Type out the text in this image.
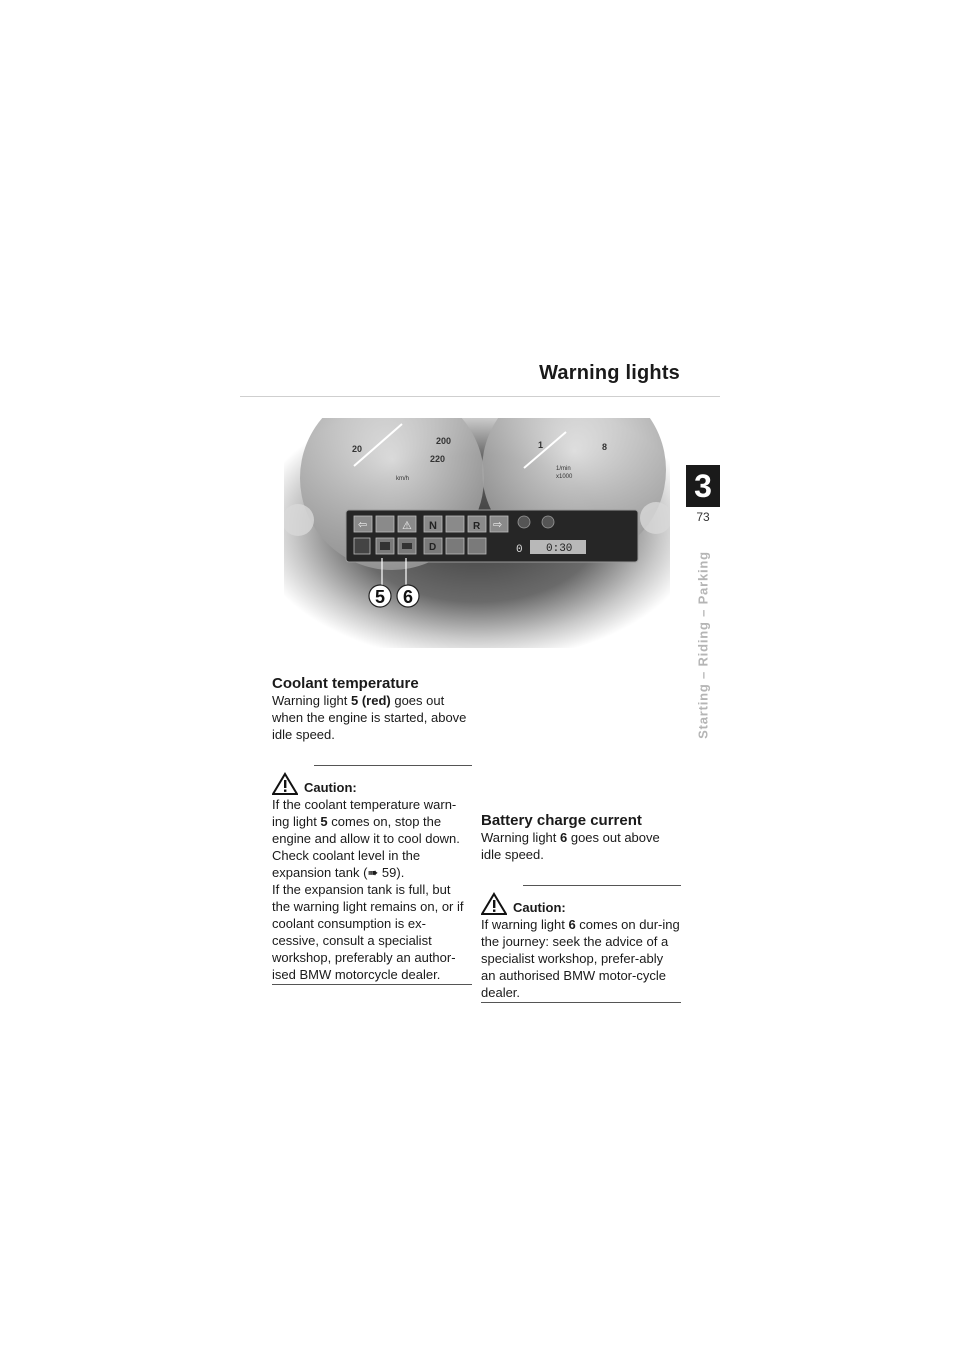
Warning lights
3
73
Starting – Riding – Parking
20
200
220
km/h
1	8
1/min
x1000
⇦	⚠ N	R ⇨
D	0 0:30
5 6
Coolant temperature

Warning light 5 (red) goes out when the engine is started, above idle speed.

Caution:

If the coolant temperature warn-ing light 5 comes on, stop the engine and allow it to cool down.

Check coolant level in the expansion tank (➠ 59).

If the expansion tank is full, but the warning light remains on, or if coolant consumption is ex-cessive, consult a specialist workshop, preferably an author-ised BMW motorcycle dealer.

Battery charge current

Warning light 6 goes out above idle speed.

Caution:

If warning light 6 comes on dur-ing the journey: seek the advice of a specialist workshop, prefer-ably an authorised BMW motor-cycle dealer.
